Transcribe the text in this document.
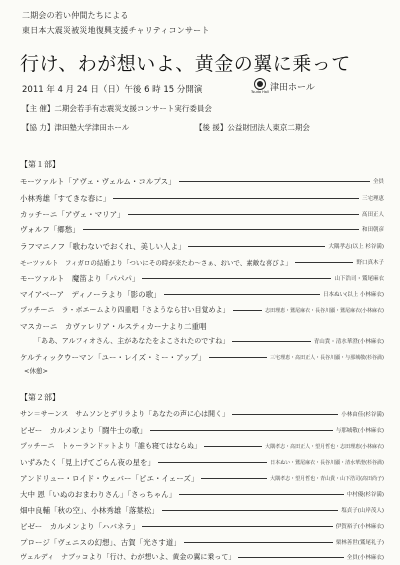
二期会の若い仲間たちによる
東日本大震災被災地復興支援チャリティコンサート
行け、わが想いよ、黄金の翼に乗って
2011 年 4 月 24 日（日）午後 6 時 15 分開演	Tsuda Hall 津田ホール
【主 催】二期会若手有志震災支援コンサート実行委員会
【協 力】津田塾大学津田ホール	【後 援】公益財団法人東京二期会
【第１部】
モーツァルト「アヴェ・ヴェルム・コルプス」	全員
小林秀雄「すてきな春に」	三宅理恵
カッチーニ「アヴェ・マリア」	髙田正人
ヴォルフ「郷愁」	和田朝彦
ラフマニノフ「歌わないでおくれ、美しい人よ」	大隅孝志(以上 杉谷満)
モーツァルト　フィガロの結婚より「ついにその時が来たわ～さぁ、おいで、素敵な喜びよ」	野口真木子
モーツァルト　魔笛より「パパパ」	山下浩司・鷲尾麻衣
マイアベーア　ディノーラより「影の歌」	日本ぬい(以上 小林麻衣)
プッチーニ　ラ・ボエームより四重唱「さようなら甘い目覚めよ」	志田理恵・鷲尾麻衣・長谷川顯・鷲尾麻衣(小林麻衣)
マスカーニ　カヴァレリア・ルスティカーナより二重唱
「ああ、アルフィオさん、主があなたをよこされたのですね」	青山貴・清水華澄(小林麻衣)
ケルティックウーマン「ユー・レイズ・ミー・アップ」	三宅理恵・髙田正人・長谷川顯・与那城敬(杉谷満)
<休憩>
【第２部】
サン＝サーンス　サムソンとデリラより「あなたの声に心は開く」	小林由佳(杉谷満)
ビゼー　カルメンより「闘牛士の歌」	与那城敬(小林麻衣)
プッチーニ　トゥーランドットより「誰も寝てはならぬ」	大隅孝志・髙田正人・望月哲也・志田理恵(小林麻衣)
いずみたく「見上げてごらん夜の星を」	日本ぬい・鷲尾麻衣・長谷川顯・清水華澄(杉谷満)
アンドリュー・ロイド・ウェバー「ピエ・イェーズ」	大隅孝志・望月哲也・青山貴・山下浩司(髙田尚子)
大中 恩「いぬのおまわりさん」「さっちゃん」	中村優(杉谷満)
畑中良輔「秋の空」、小林秀雄「落葉松」	塩貞子(山岸茂人)
ビゼー　カルメンより「ハバネラ」	伊賀裕子(小林麻衣)
プロージ「ヴェニスの幻想」、古賀「光さす道」	栗林善世(鷲尾礼子)
ヴェルディ　ナブッコより「行け、わが想いよ、黄金の翼に乗って」	全員(小林麻衣)
